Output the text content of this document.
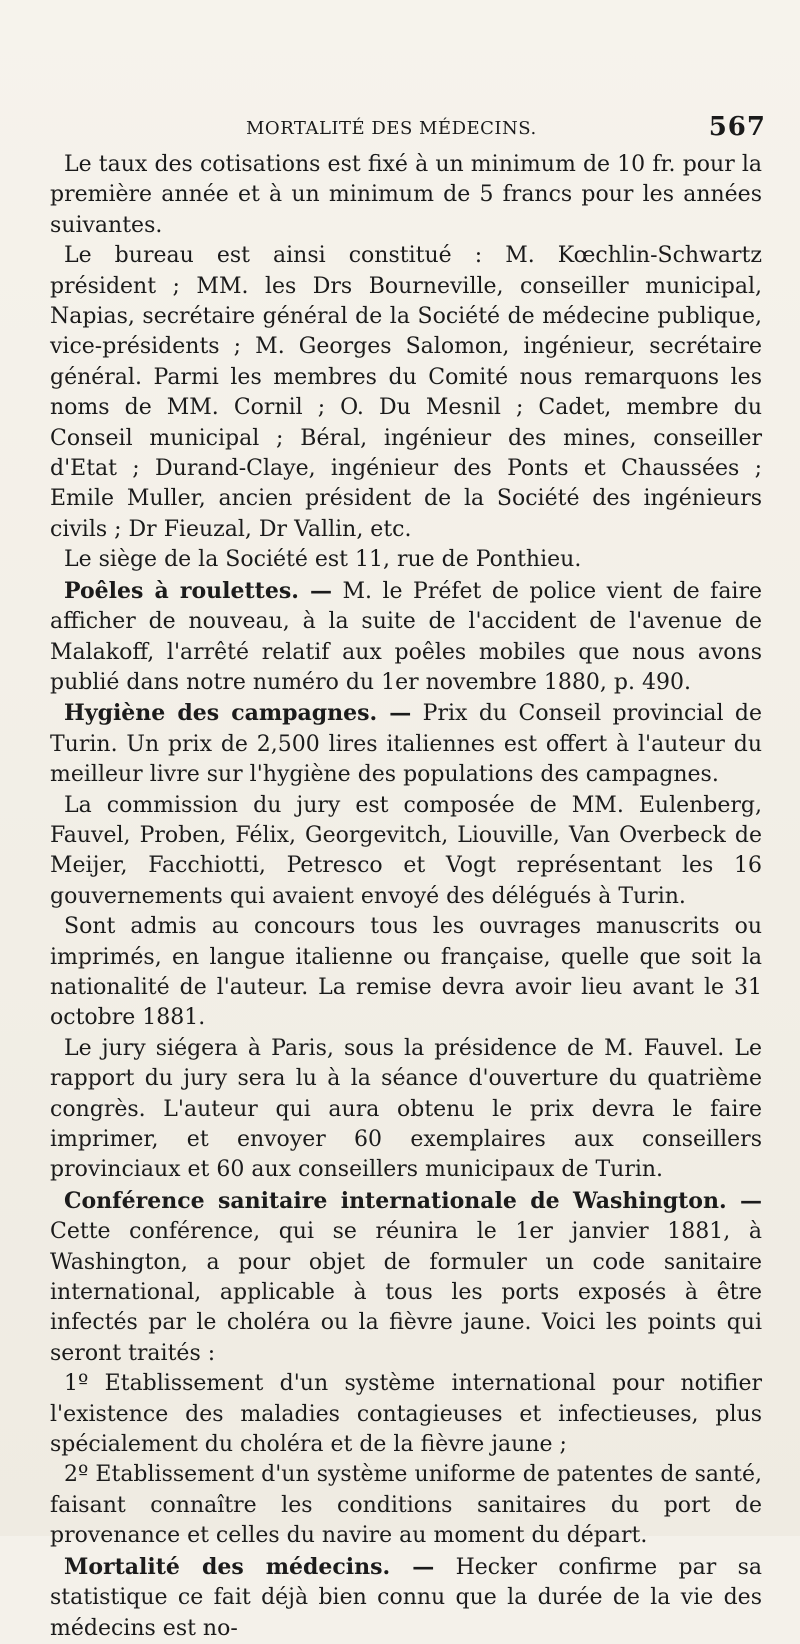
MORTALITÉ DES MÉDECINS.	567

Le taux des cotisations est fixé à un minimum de 10 fr. pour la première année et à un minimum de 5 francs pour les années suivantes.

Le bureau est ainsi constitué : M. Kœchlin-Schwartz président ; MM. les Drs Bourneville, conseiller municipal, Napias, secrétaire général de la Société de médecine publique, vice-présidents ; M. Georges Salomon, ingénieur, secrétaire général. Parmi les membres du Comité nous remarquons les noms de MM. Cornil ; O. Du Mesnil ; Cadet, membre du Conseil municipal ; Béral, ingénieur des mines, conseiller d'Etat ; Durand-Claye, ingénieur des Ponts et Chaussées ; Emile Muller, ancien président de la Société des ingénieurs civils ; Dr Fieuzal, Dr Vallin, etc.

Le siège de la Société est 11, rue de Ponthieu.

Poêles à roulettes. — M. le Préfet de police vient de faire afficher de nouveau, à la suite de l'accident de l'avenue de Malakoff, l'arrêté relatif aux poêles mobiles que nous avons publié dans notre numéro du 1er novembre 1880, p. 490.

Hygiène des campagnes. — Prix du Conseil provincial de Turin. Un prix de 2,500 lires italiennes est offert à l'auteur du meilleur livre sur l'hygiène des populations des campagnes.

La commission du jury est composée de MM. Eulenberg, Fauvel, Proben, Félix, Georgevitch, Liouville, Van Overbeck de Meijer, Facchiotti, Petresco et Vogt représentant les 16 gouvernements qui avaient envoyé des délégués à Turin.

Sont admis au concours tous les ouvrages manuscrits ou imprimés, en langue italienne ou française, quelle que soit la nationalité de l'auteur. La remise devra avoir lieu avant le 31 octobre 1881.

Le jury siégera à Paris, sous la présidence de M. Fauvel. Le rapport du jury sera lu à la séance d'ouverture du quatrième congrès. L'auteur qui aura obtenu le prix devra le faire imprimer, et envoyer 60 exemplaires aux conseillers provinciaux et 60 aux conseillers municipaux de Turin.

Conférence sanitaire internationale de Washington. — Cette conférence, qui se réunira le 1er janvier 1881, à Washington, a pour objet de formuler un code sanitaire international, applicable à tous les ports exposés à être infectés par le choléra ou la fièvre jaune. Voici les points qui seront traités :

1º Etablissement d'un système international pour notifier l'existence des maladies contagieuses et infectieuses, plus spécialement du choléra et de la fièvre jaune ;

2º Etablissement d'un système uniforme de patentes de santé, faisant connaître les conditions sanitaires du port de provenance et celles du navire au moment du départ.

Mortalité des médecins. — Hecker confirme par sa statistique ce fait déjà bien connu que la durée de la vie des médecins est no-
